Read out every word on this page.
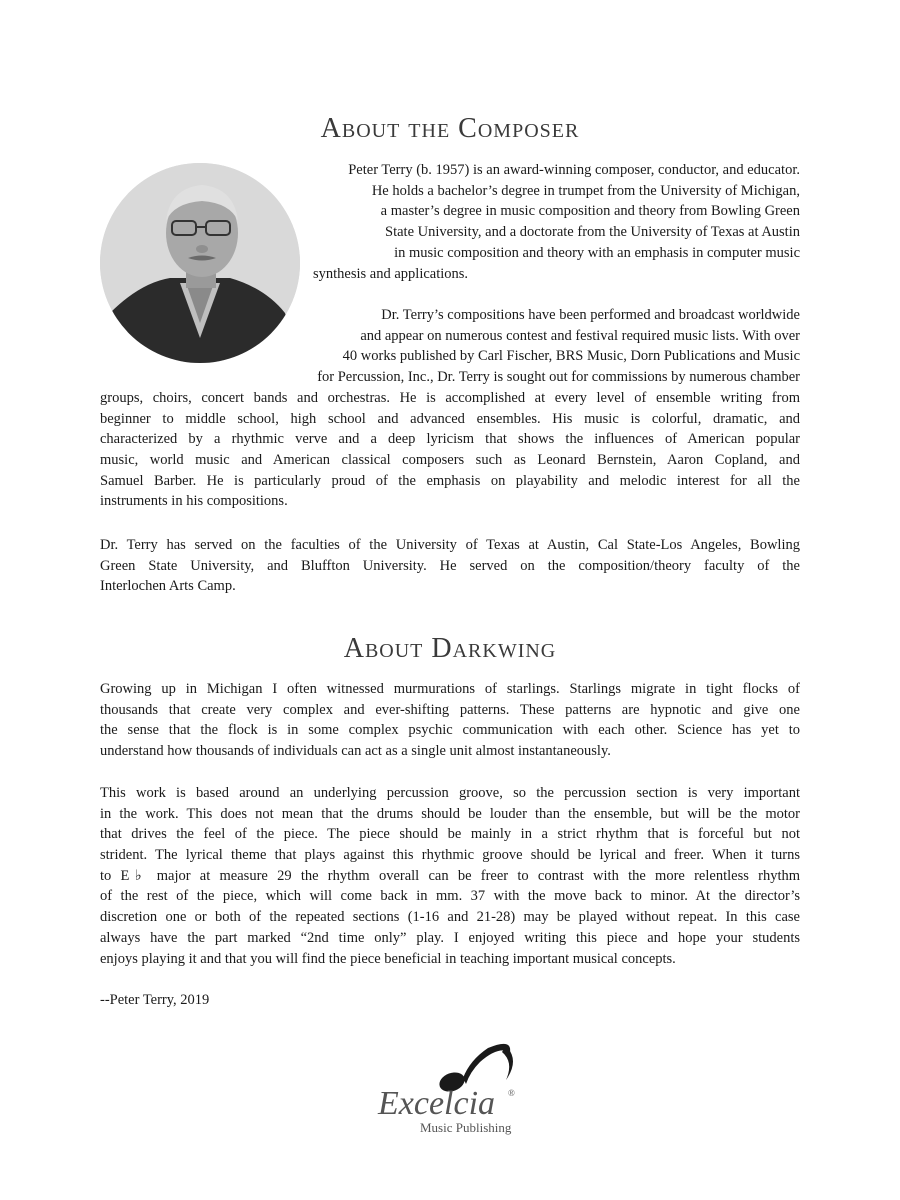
About the Composer
Peter Terry (b. 1957) is an award-winning composer, conductor, and educator.
He holds a bachelor’s degree in trumpet from the University of Michigan,
a master’s degree in music composition and theory from Bowling Green
State University, and a doctorate from the University of Texas at Austin
in music composition and theory with an emphasis in computer music
synthesis and applications.
Dr. Terry’s compositions have been performed and broadcast worldwide
and appear on numerous contest and festival required music lists. With over
40 works published by Carl Fischer, BRS Music, Dorn Publications and Music
for Percussion, Inc., Dr. Terry is sought out for commissions by numerous chamber
groups, choirs, concert bands and orchestras. He is accomplished at every level of ensemble writing from
beginner to middle school, high school and advanced ensembles. His music is colorful, dramatic, and
characterized by a rhythmic verve and a deep lyricism that shows the influences of American popular
music, world music and American classical composers such as Leonard Bernstein, Aaron Copland, and
Samuel Barber. He is particularly proud of the emphasis on playability and melodic interest for all the
instruments in his compositions.
Dr. Terry has served on the faculties of the University of Texas at Austin, Cal State-Los Angeles, Bowling
Green State University, and Bluffton University. He served on the composition/theory faculty of the
Interlochen Arts Camp.
About Darkwing
Growing up in Michigan I often witnessed murmurations of starlings. Starlings migrate in tight flocks of
thousands that create very complex and ever-shifting patterns. These patterns are hypnotic and give one
the sense that the flock is in some complex psychic communication with each other. Science has yet to
understand how thousands of individuals can act as a single unit almost instantaneously.
This work is based around an underlying percussion groove, so the percussion section is very important
in the work. This does not mean that the drums should be louder than the ensemble, but will be the motor
that drives the feel of the piece. The piece should be mainly in a strict rhythm that is forceful but not
strident. The lyrical theme that plays against this rhythmic groove should be lyrical and freer. When it turns
to E♭ major at measure 29 the rhythm overall can be freer to contrast with the more relentless rhythm
of the rest of the piece, which will come back in mm. 37 with the move back to minor. At the director’s
discretion one or both of the repeated sections (1-16 and 21-28) may be played without repeat. In this case
always have the part marked “2nd time only” play. I enjoyed writing this piece and hope your students
enjoys playing it and that you will find the piece beneficial in teaching important musical concepts.
--Peter Terry, 2019
Excelcia ®
Music Publishing
